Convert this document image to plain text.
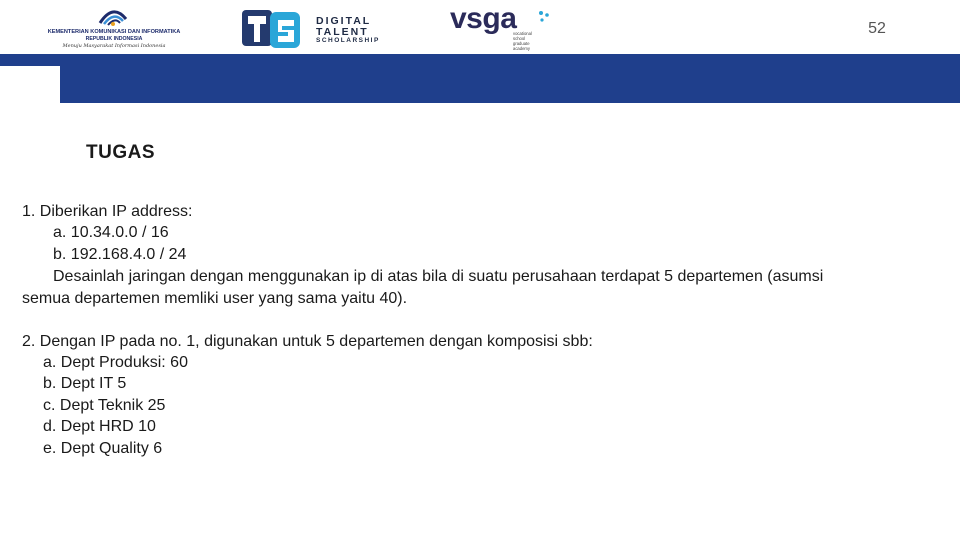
KEMENTERIAN KOMUNIKASI DAN INFORMATIKA
REPUBLIK INDONESIA
Menuju Masyarakat Informasi Indonesia
DIGITAL
TALENT
SCHOLARSHIP
vsga
vocational
school
graduate
academy
52
TUGAS
1. Diberikan IP address:
a. 10.34.0.0 / 16
b. 192.168.4.0 / 24
Desainlah jaringan dengan menggunakan ip di atas bila di suatu perusahaan terdapat 5 departemen (asumsi
semua departemen memliki user yang sama yaitu 40).
2. Dengan IP pada no. 1, digunakan untuk 5 departemen dengan komposisi sbb:
a. Dept Produksi: 60
b. Dept IT 5
c. Dept Teknik 25
d. Dept HRD 10
e. Dept Quality 6
